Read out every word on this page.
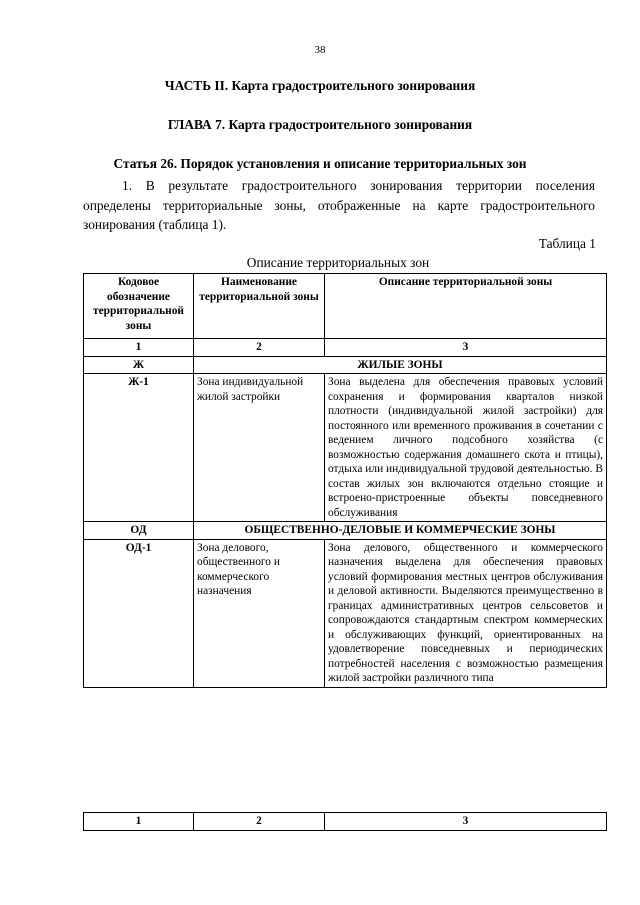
38
ЧАСТЬ II. Карта градостроительного зонирования
ГЛАВА 7. Карта градостроительного зонирования
Статья 26. Порядок установления и описание территориальных зон
1. В результате градостроительного зонирования территории поселения определены территориальные зоны, отображенные на карте градостроительного зонирования (таблица 1).
Таблица 1
Описание территориальных зон
Кодовое обозначение территориальной зоны	Наименование территориальной зоны	Описание территориальной зоны
1	2	3
Ж	ЖИЛЫЕ ЗОНЫ	
Ж-1	Зона индивидуальной жилой застройки	Зона выделена для обеспечения правовых условий сохранения и формирования кварталов низкой плотности (индивидуальной жилой застройки) для постоянного или временного проживания в сочетании с ведением личного подсобного хозяйства (с возможностью содержания домашнего скота и птицы), отдыха или индивидуальной трудовой деятельностью. В состав жилых зон включаются отдельно стоящие и встроено-пристроенные объекты повседневного обслуживания
ОД	ОБЩЕСТВЕННО-ДЕЛОВЫЕ И КОММЕРЧЕСКИЕ ЗОНЫ	
ОД-1	Зона делового, общественного и коммерческого назначения	Зона делового, общественного и коммерческого назначения выделена для обеспечения правовых условий формирования местных центров обслуживания и деловой активности. Выделяются преимущественно в границах административных центров сельсоветов и сопровождаются стандартным спектром коммерческих и обслуживающих функций, ориентированных на удовлетворение повседневных и периодических потребностей населения с возможностью размещения жилой застройки различного типа
1	2	3
